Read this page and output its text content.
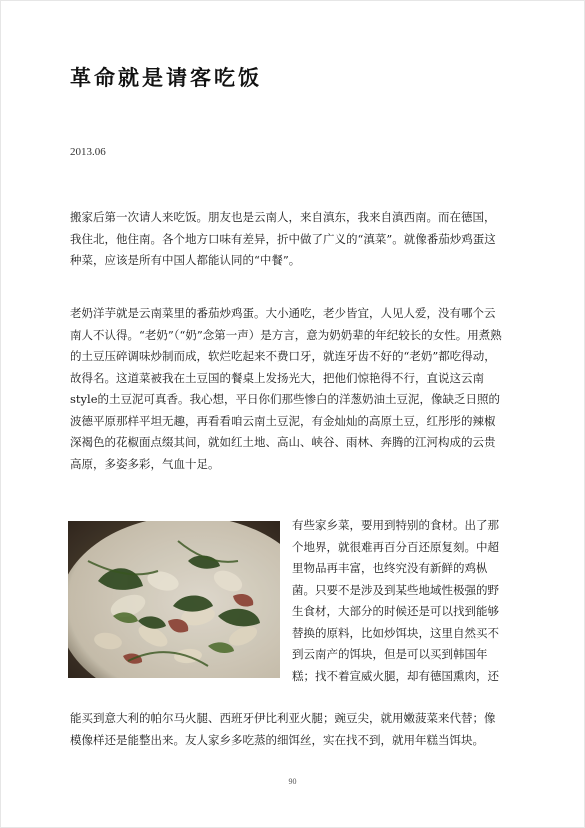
革命就是请客吃饭
2013.06

搬家后第一次请人来吃饭。朋友也是云南人，来自滇东，我来自滇西南。而在德国，
我住北，他住南。各个地方口味有差异，折中做了广义的“滇菜”。就像番茄炒鸡蛋这
种菜，应该是所有中国人都能认同的“中餐”。

老奶洋芋就是云南菜里的番茄炒鸡蛋。大小通吃，老少皆宜，人见人爱，没有哪个云
南人不认得。“老奶”（“奶”念第一声）是方言，意为奶奶辈的年纪较长的女性。用煮熟
的土豆压碎调味炒制而成，软烂吃起来不费口牙，就连牙齿不好的“老奶”都吃得动，
故得名。这道菜被我在土豆国的餐桌上发扬光大，把他们惊艳得不行，直说这云南
style的土豆泥可真香。我心想，平日你们那些惨白的洋葱奶油土豆泥，像缺乏日照的
波德平原那样平坦无趣，再看看咱云南土豆泥，有金灿灿的高原土豆，红彤彤的辣椒
深褐色的花椒面点缀其间，就如红土地、高山、峡谷、雨林、奔腾的江河构成的云贵
高原，多姿多彩，气血十足。

有些家乡菜，要用到特别的食材。出了那
个地界，就很难再百分百还原复刻。中超
里物品再丰富，也终究没有新鲜的鸡枞
菌。只要不是涉及到某些地域性极强的野
生食材，大部分的时候还是可以找到能够
替换的原料，比如炒饵块，这里自然买不
到云南产的饵块，但是可以买到韩国年
糕；找不着宣威火腿，却有德国熏肉，还

能买到意大利的帕尔马火腿、西班牙伊比利亚火腿；豌豆尖，就用嫩菠菜来代替；像
模像样还是能整出来。友人家乡多吃蒸的细饵丝，实在找不到，就用年糕当饵块。

90
